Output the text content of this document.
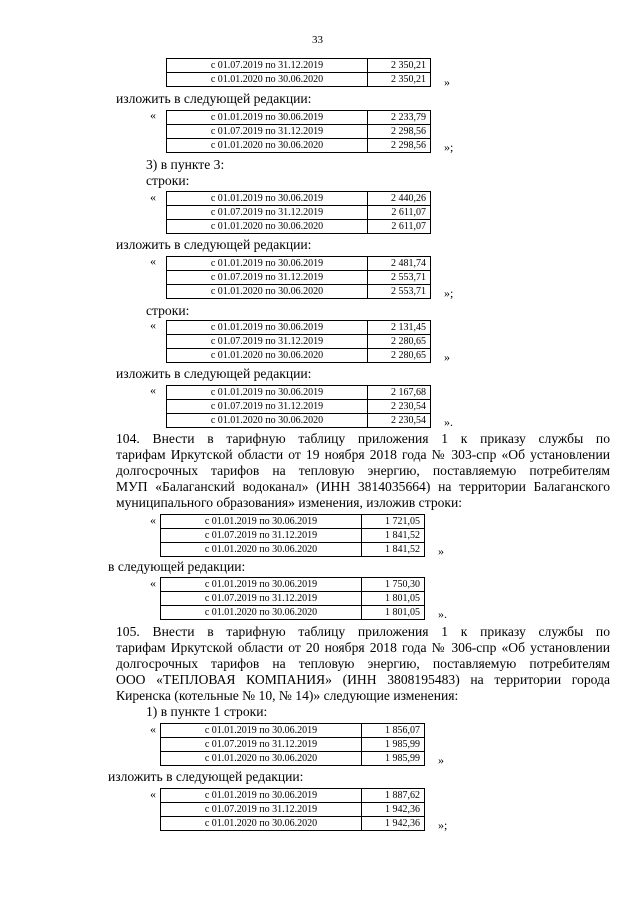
33
с 01.07.2019 по 31.12.2019	2 350,21
с 01.01.2020 по 30.06.2020	2 350,21 »
изложить в следующей редакции:
«	с 01.01.2019 по 30.06.2019	2 233,79
с 01.07.2019 по 31.12.2019	2 298,56
с 01.01.2020 по 30.06.2020	2 298,56 »;
3) в пункте 3:
строки:
«	с 01.01.2019 по 30.06.2019	2 440,26
с 01.07.2019 по 31.12.2019	2 611,07
с 01.01.2020 по 30.06.2020	2 611,07
изложить в следующей редакции:
«	с 01.01.2019 по 30.06.2019	2 481,74
с 01.07.2019 по 31.12.2019	2 553,71
с 01.01.2020 по 30.06.2020	2 553,71 »;
строки:
«	с 01.01.2019 по 30.06.2019	2 131,45
с 01.07.2019 по 31.12.2019	2 280,65
с 01.01.2020 по 30.06.2020	2 280,65 »
изложить в следующей редакции:
«	с 01.01.2019 по 30.06.2019	2 167,68
с 01.07.2019 по 31.12.2019	2 230,54
с 01.01.2020 по 30.06.2020	2 230,54 ».
104. Внести в тарифную таблицу приложения 1 к приказу службы по
тарифам Иркутской области от 19 ноября 2018 года № 303-спр «Об установлении
долгосрочных тарифов на тепловую энергию, поставляемую потребителям
МУП «Балаганский водоканал» (ИНН 3814035664) на территории Балаганского
муниципального образования» изменения, изложив строки:
«	с 01.01.2019 по 30.06.2019	1 721,05
с 01.07.2019 по 31.12.2019	1 841,52
с 01.01.2020 по 30.06.2020	1 841,52 »
в следующей редакции:
«	с 01.01.2019 по 30.06.2019	1 750,30
с 01.07.2019 по 31.12.2019	1 801,05
с 01.01.2020 по 30.06.2020	1 801,05 ».
105. Внести в тарифную таблицу приложения 1 к приказу службы по
тарифам Иркутской области от 20 ноября 2018 года № 306-спр «Об установлении
долгосрочных тарифов на тепловую энергию, поставляемую потребителям
ООО «ТЕПЛОВАЯ КОМПАНИЯ» (ИНН 3808195483) на территории города
Киренска (котельные № 10, № 14)» следующие изменения:
1) в пункте 1 строки:
«	с 01.01.2019 по 30.06.2019	1 856,07
с 01.07.2019 по 31.12.2019	1 985,99
с 01.01.2020 по 30.06.2020	1 985,99 »
изложить в следующей редакции:
«	с 01.01.2019 по 30.06.2019	1 887,62
с 01.07.2019 по 31.12.2019	1 942,36
с 01.01.2020 по 30.06.2020	1 942,36 »;
